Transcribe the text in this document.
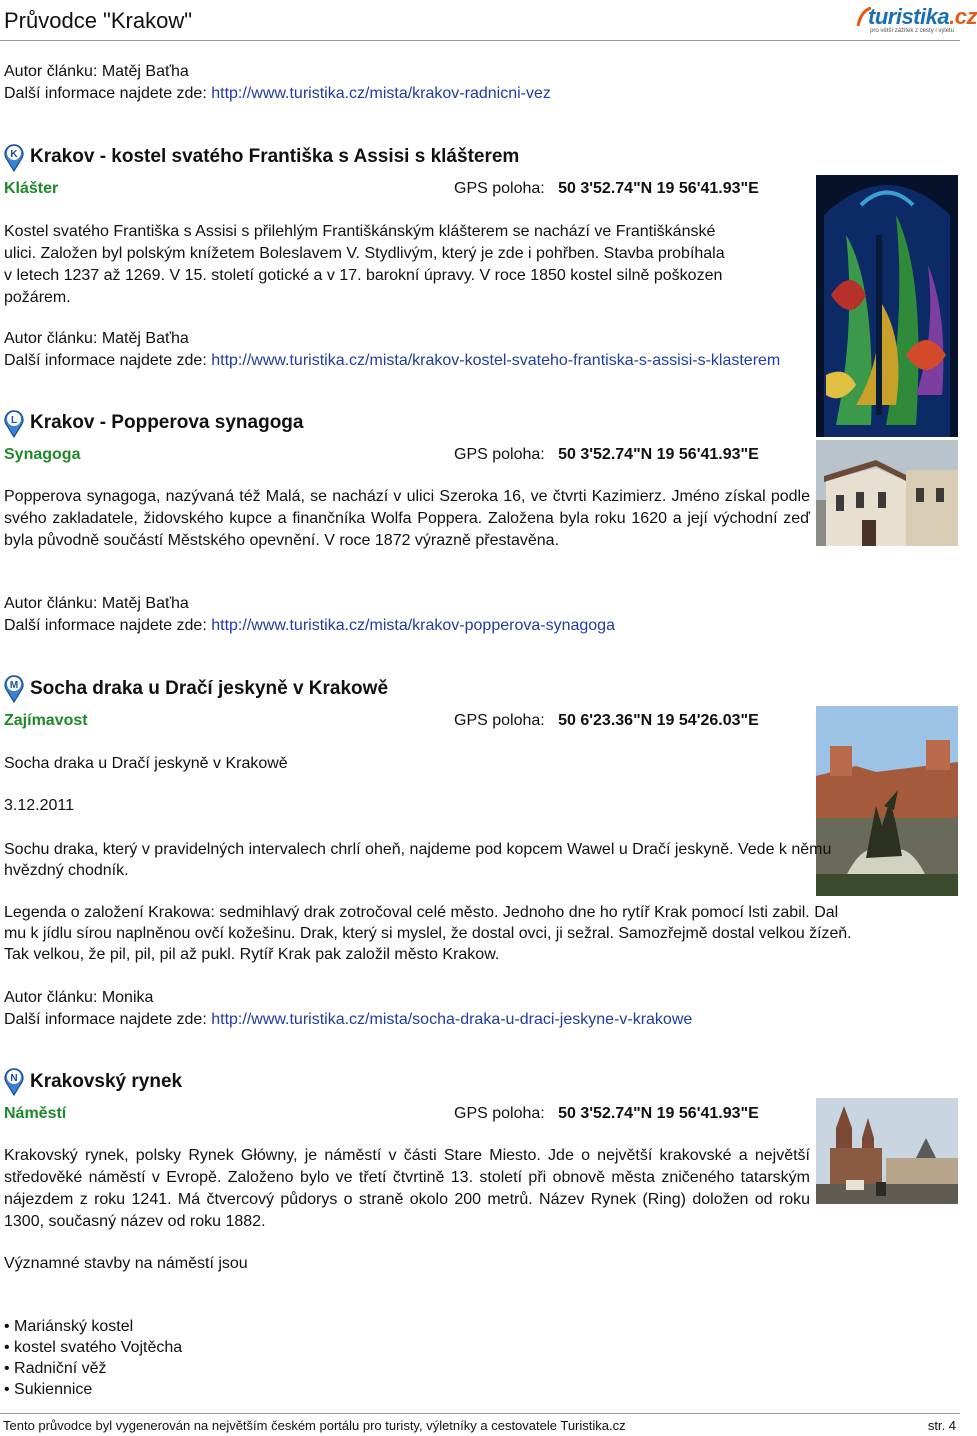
Průvodce "Krakow"	turistika.cz
pro větší zážitek z cesty i výletu
Autor článku: Matěj Baťha
Další informace najdete zde: http://www.turistika.cz/mista/krakov-radnicni-vez
K Krakov - kostel svatého Františka s Assisi s klášterem
Klášter	GPS poloha: 50 3'52.74"N 19 56'41.93"E
Kostel svatého Františka s Assisi s přilehlým Františkánským klášterem se nachází ve Františkánské
ulici. Založen byl polským knížetem Boleslavem V. Stydlivým, který je zde i pohřben. Stavba probíhala
v letech 1237 až 1269. V 15. století gotické a v 17. barokní úpravy. V roce 1850 kostel silně poškozen
požárem.
Autor článku: Matěj Baťha
Další informace najdete zde: http://www.turistika.cz/mista/krakov-kostel-svateho-frantiska-s-assisi-s-klasterem
L Krakov - Popperova synagoga
Synagoga	GPS poloha: 50 3'52.74"N 19 56'41.93"E
Popperova synagoga, nazývaná též Malá, se nachází v ulici Szeroka 16, ve čtvrti Kazimierz. Jméno získal podle svého zakladatele, židovského kupce a finančníka Wolfa Poppera. Založena byla roku 1620 a její východní zeď byla původně součástí Městského opevnění. V roce 1872 výrazně přestavěna.
Autor článku: Matěj Baťha
Další informace najdete zde: http://www.turistika.cz/mista/krakov-popperova-synagoga
M Socha draka u Dračí jeskyně v Krakowě
Zajímavost	GPS poloha: 50 6'23.36"N 19 54'26.03"E
Socha draka u Dračí jeskyně v Krakowě
3.12.2011
Sochu draka, který v pravidelných intervalech chrlí oheň, najdeme pod kopcem Wawel u Dračí jeskyně. Vede k němu
hvězdný chodník.
Legenda o založení Krakowa: sedmihlavý drak zotročoval celé město. Jednoho dne ho rytíř Krak pomocí lsti zabil. Dal
mu k jídlu sírou naplněnou ovčí kožešinu. Drak, který si myslel, že dostal ovci, ji sežral. Samozřejmě dostal velkou žízeň.
Tak velkou, že pil, pil, pil až pukl. Rytíř Krak pak založil město Krakow.
Autor článku: Monika
Další informace najdete zde: http://www.turistika.cz/mista/socha-draka-u-draci-jeskyne-v-krakowe
N Krakovský rynek
Náměstí	GPS poloha: 50 3'52.74"N 19 56'41.93"E
Krakovský rynek, polsky Rynek Główny, je náměstí v části Stare Miesto. Jde o největší krakovské a největší středověké náměstí v Evropě. Založeno bylo ve třetí čtvrtině 13. století při obnově města zničeného tatarským nájezdem z roku 1241. Má čtvercový půdorys o straně okolo 200 metrů. Název Rynek (Ring) doložen od roku 1300, současný název od roku 1882.
Významné stavby na náměstí jsou
• Mariánský kostel
• kostel svatého Vojtěcha
• Radniční věž
• Sukiennice
Tento průvodce byl vygenerován na největším českém portálu pro turisty, výletníky a cestovatele Turistika.cz	str. 4
